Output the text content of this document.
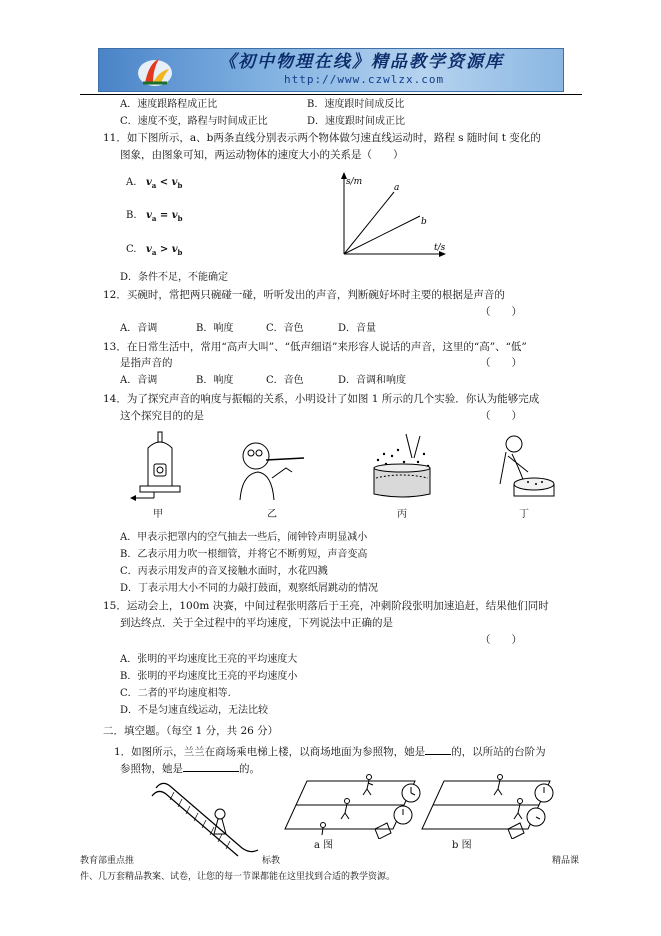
《初中物理在线》精品教学资源库
http://www.czwlzx.com
A．速度跟路程成正比	B．速度跟时间成反比
C．速度不变，路程与时间成正比	D．速度跟时间成正比
11．如下图所示，a、b两条直线分别表示两个物体做匀速直线运动时，路程 s 随时间 t 变化的
图象，由图象可知，两运动物体的速度大小的关系是（　　）
A. $v_a < v_b$
B. $v_a = v_b$
C. $v_a > v_b$
s/m
a
b
t/s
D．条件不足，不能确定
12．买碗时，常把两只碗碰一碰，听听发出的声音，判断碗好坏时主要的根据是声音的
（　　）
A．音调	B．响度	C．音色	D．音量
13．在日常生活中，常用“高声大叫”、“低声细语”来形容人说话的声音，这里的“高”、“低”
是指声音的	（　　）
A．音调	B．响度	C．音色	D．音调和响度
14．为了探究声音的响度与振幅的关系，小明设计了如图 1 所示的几个实验．你认为能够完成
这个探究目的的是	（　　）
甲	乙	丙	丁
A．甲表示把罩内的空气抽去一些后，闹钟铃声明显减小
B．乙表示用力吹一根细管，并将它不断剪短，声音变高
C．丙表示用发声的音叉接触水面时，水花四溅
D．丁表示用大小不同的力敲打鼓面，观察纸屑跳动的情况
15．运动会上，100m 决赛，中间过程张明落后于王亮，冲刺阶段张明加速追赶，结果他们同时
到达终点．关于全过程中的平均速度，下列说法中正确的是
（　　）
A．张明的平均速度比王亮的平均速度大
B．张明的平均速度比王亮的平均速度小
C．二者的平均速度相等.
D．不是匀速直线运动，无法比较
二．填空题。（每空 1 分，共 26 分）
1．如图所示，兰兰在商场乘电梯上楼，以商场地面为参照物，她是 的，以所站的台阶为
参照物，她是	的。
a 图	b 图
教育部重点推	标教	精品课
件、几万套精品教案、试卷，让您的每一节课都能在这里找到合适的教学资源。
